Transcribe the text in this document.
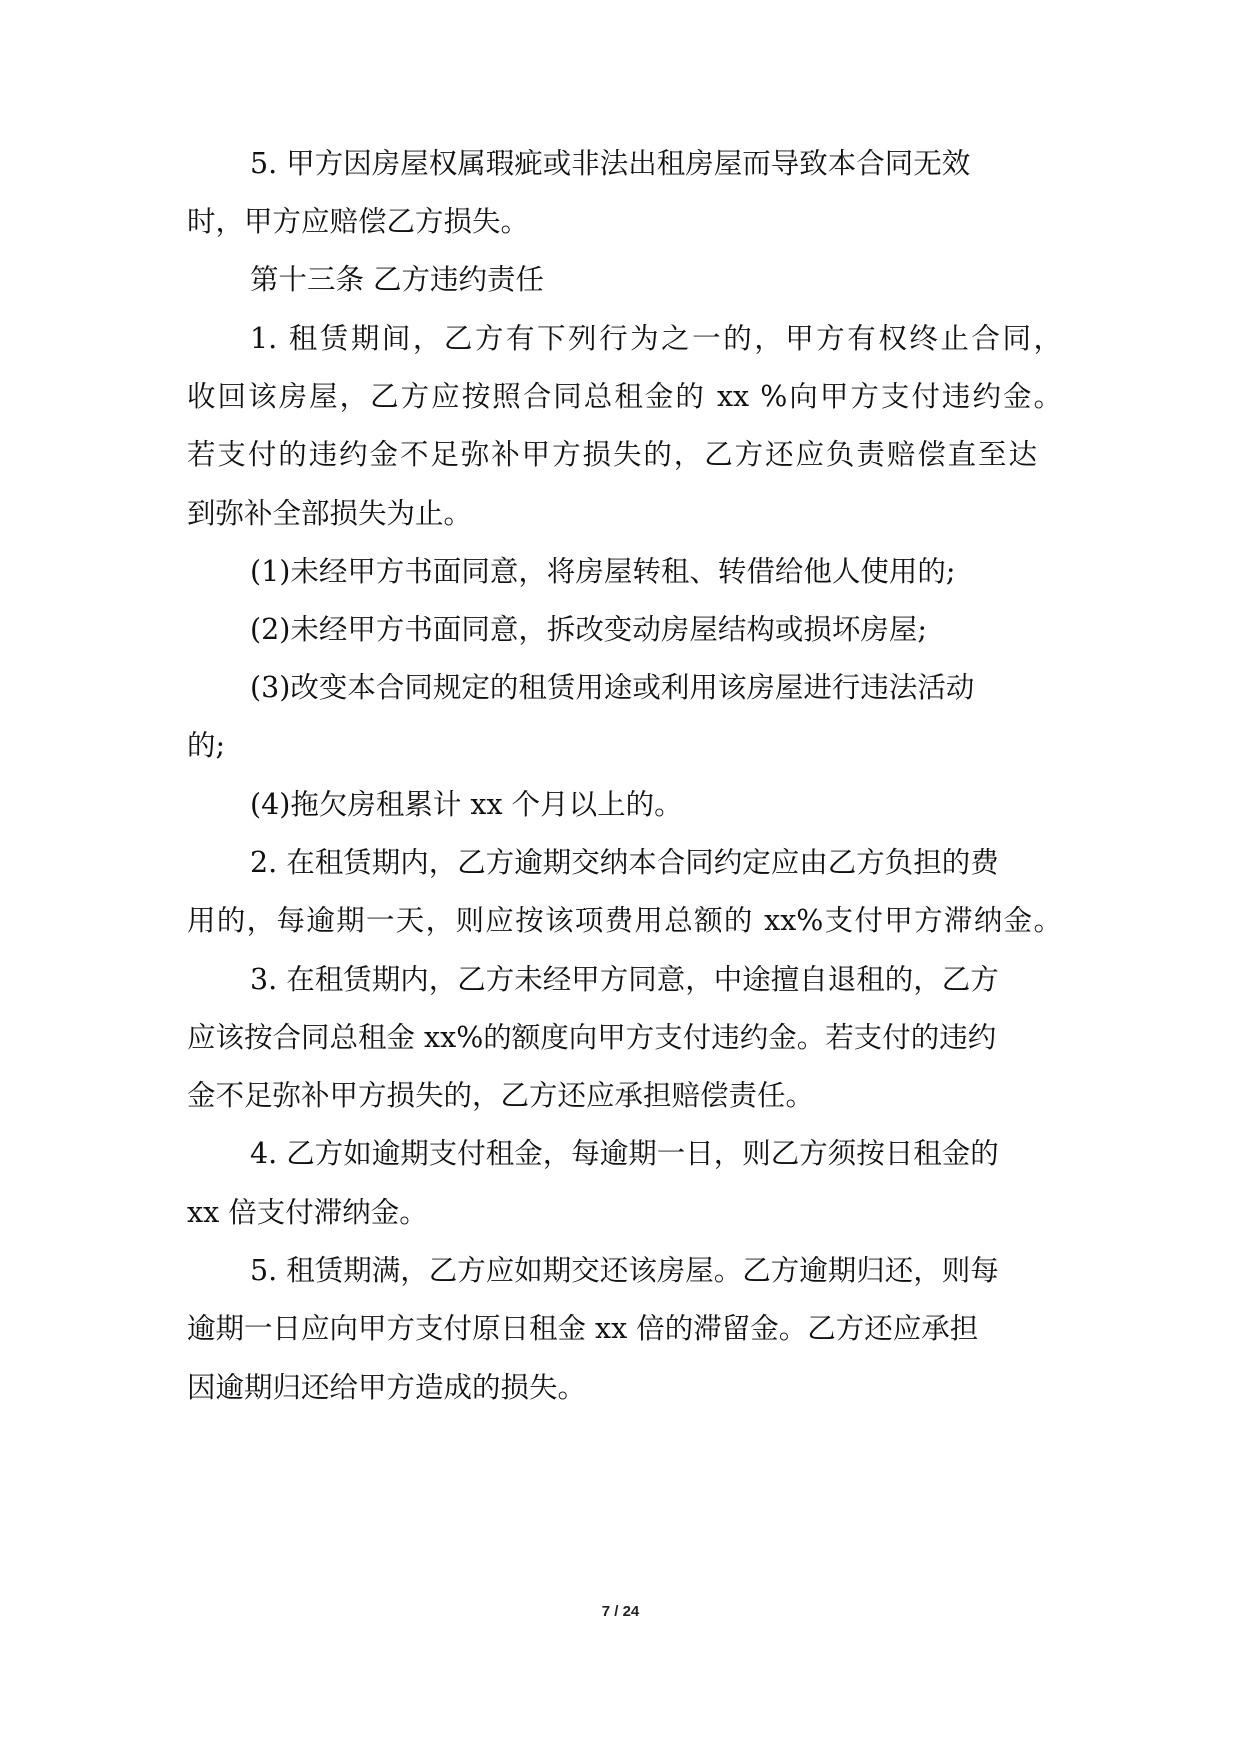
5. 甲方因房屋权属瑕疵或非法出租房屋而导致本合同无效

时，甲方应赔偿乙方损失。

第十三条 乙方违约责任

1. 租赁期间，乙方有下列行为之一的，甲方有权终止合同，

收回该房屋，乙方应按照合同总租金的 xx %向甲方支付违约金。

若支付的违约金不足弥补甲方损失的，乙方还应负责赔偿直至达

到弥补全部损失为止。

(1)未经甲方书面同意，将房屋转租、转借给他人使用的;

(2)未经甲方书面同意，拆改变动房屋结构或损坏房屋;

(3)改变本合同规定的租赁用途或利用该房屋进行违法活动

的;

(4)拖欠房租累计 xx 个月以上的。

2. 在租赁期内，乙方逾期交纳本合同约定应由乙方负担的费

用的，每逾期一天，则应按该项费用总额的 xx%支付甲方滞纳金。

3. 在租赁期内，乙方未经甲方同意，中途擅自退租的，乙方

应该按合同总租金 xx%的额度向甲方支付违约金。若支付的违约

金不足弥补甲方损失的，乙方还应承担赔偿责任。

4. 乙方如逾期支付租金，每逾期一日，则乙方须按日租金的

xx 倍支付滞纳金。

5. 租赁期满，乙方应如期交还该房屋。乙方逾期归还，则每

逾期一日应向甲方支付原日租金 xx 倍的滞留金。乙方还应承担

因逾期归还给甲方造成的损失。

7 / 24
